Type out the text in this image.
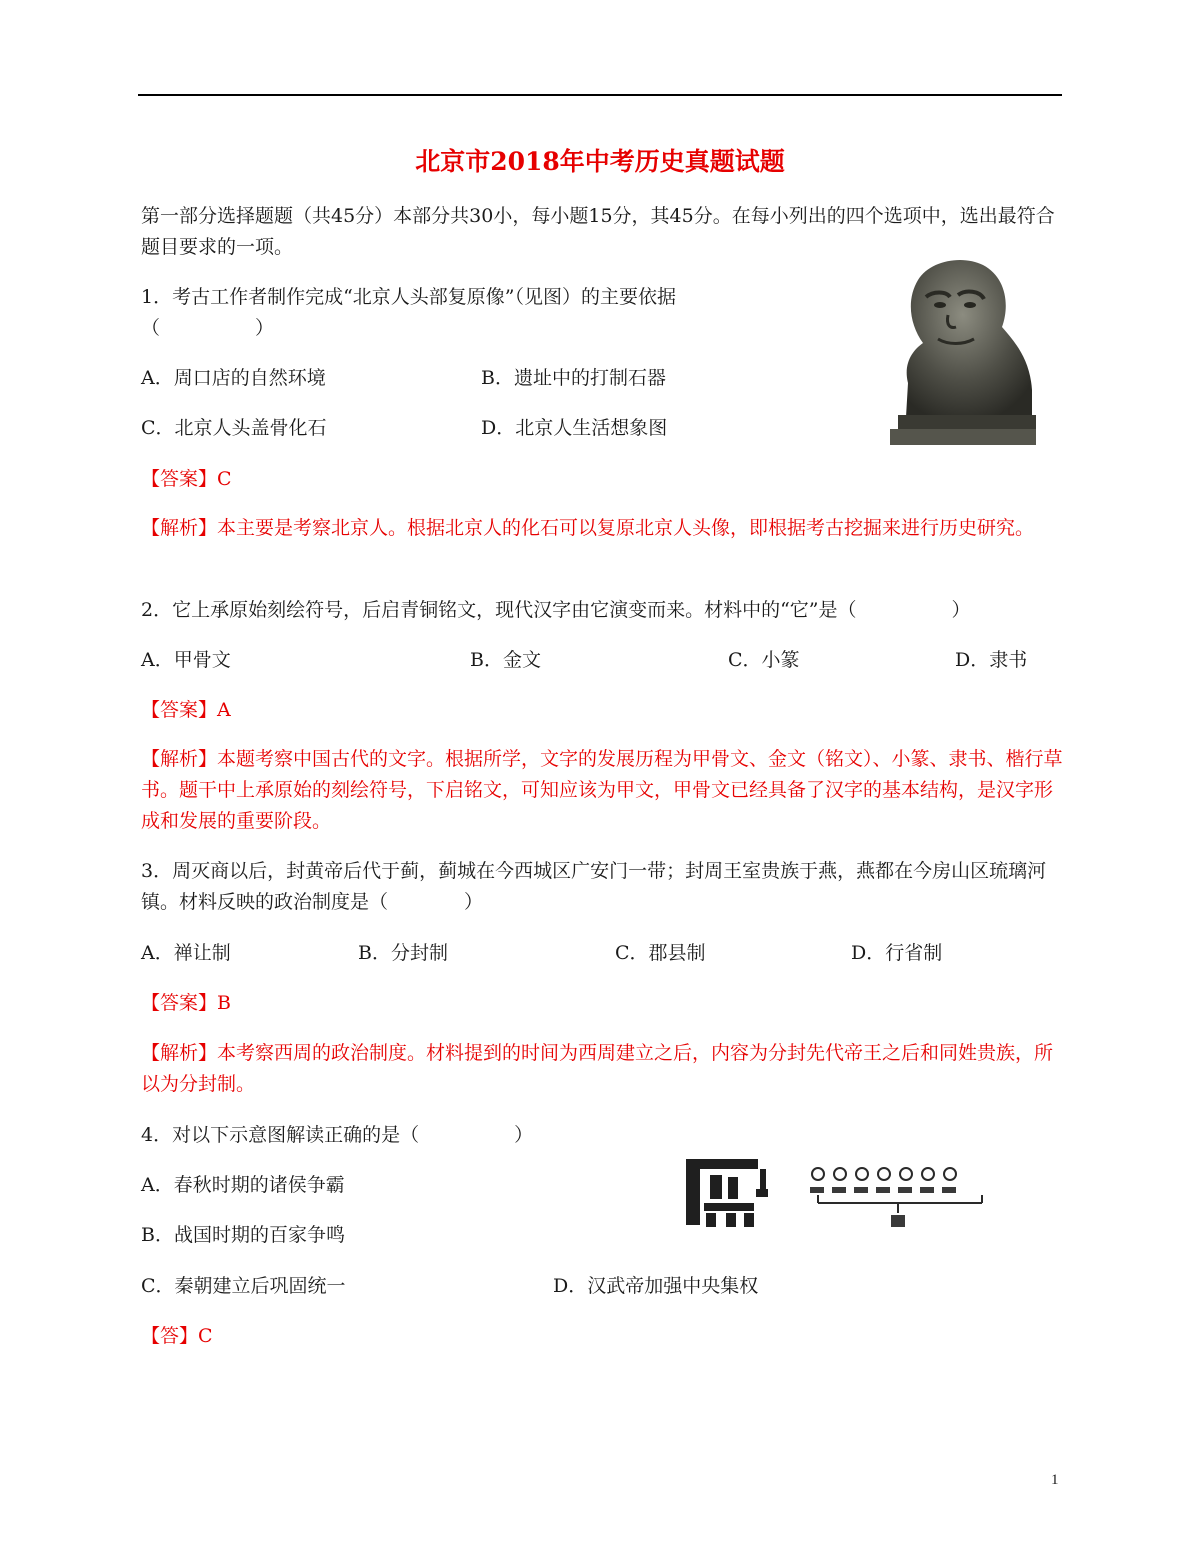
北京市2018年中考历史真题试题
第一部分选择题题（共45分）本部分共30小，每小题15分，其45分。在每小列出的四个选项中，选出最符合题目要求的一项。
1．考古工作者制作完成“北京人头部复原像”（见图）的主要依据
（　　　　　）
A．周口店的自然环境	B．遗址中的打制石器
C．北京人头盖骨化石	D．北京人生活想象图
【答案】C
【解析】本主要是考察北京人。根据北京人的化石可以复原北京人头像，即根据考古挖掘来进行历史研究。
2．它上承原始刻绘符号，后启青铜铭文，现代汉字由它演变而来。材料中的“它”是（　　　　　）
A．甲骨文	B．金文	C．小篆	D．隶书
【答案】A
【解析】本题考察中国古代的文字。根据所学，文字的发展历程为甲骨文、金文（铭文）、小篆、隶书、楷行草书。题干中上承原始的刻绘符号，下启铭文，可知应该为甲文，甲骨文已经具备了汉字的基本结构，是汉字形成和发展的重要阶段。
3．周灭商以后，封黄帝后代于蓟，蓟城在今西城区广安门一带；封周王室贵族于燕，燕都在今房山区琉璃河镇。材料反映的政治制度是（　　　　）
A．禅让制	B．分封制	C．郡县制	D．行省制
【答案】B
【解析】本考察西周的政治制度。材料提到的时间为西周建立之后，内容为分封先代帝王之后和同姓贵族，所以为分封制。
4．对以下示意图解读正确的是（　　　　　）
A．春秋时期的诸侯争霸
B．战国时期的百家争鸣
C．秦朝建立后巩固统一	D．汉武帝加强中央集权
【答】C
1
